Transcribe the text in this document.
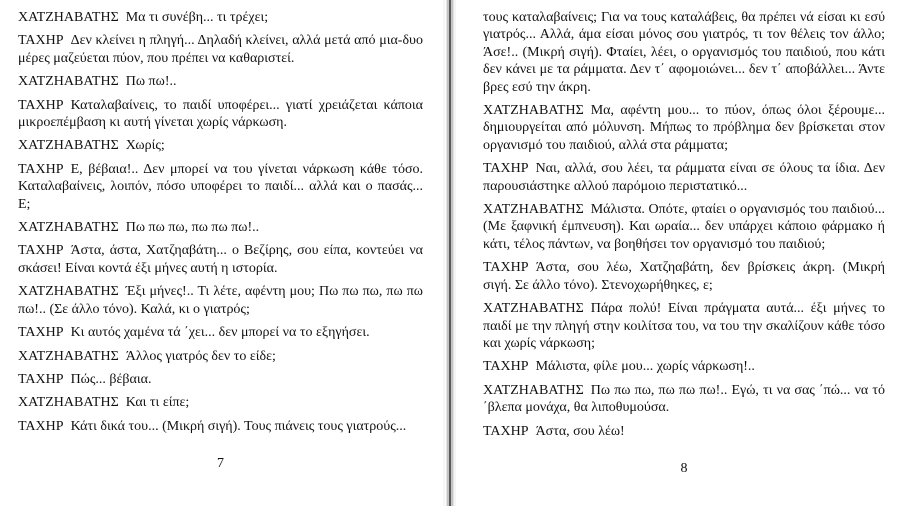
ΧΑΤΖΗΑΒΑΤΗΣ Μα τι συνέβη... τι τρέχει;

ΤΑΧΗΡ Δεν κλείνει η πληγή... Δηλαδή κλείνει, αλλά μετά από μια-δυο μέρες μαζεύεται πύον, που πρέπει να καθαριστεί.

ΧΑΤΖΗΑΒΑΤΗΣ Πω πω!..

ΤΑΧΗΡ Καταλαβαίνεις, το παιδί υποφέρει... γιατί χρειάζεται κάποια μικροεπέμβαση κι αυτή γίνεται χωρίς νάρκωση.

ΧΑΤΖΗΑΒΑΤΗΣ Χωρίς;

ΤΑΧΗΡ Ε, βέβαια!.. Δεν μπορεί να του γίνεται νάρκωση κάθε τόσο. Καταλαβαίνεις, λοιπόν, πόσο υποφέρει το παιδί... αλλά και ο πασάς... Ε;

ΧΑΤΖΗΑΒΑΤΗΣ Πω πω πω, πω πω πω!..

ΤΑΧΗΡ Άστα, άστα, Χατζηαβάτη... ο Βεζίρης, σου είπα, κοντεύει να σκάσει! Είναι κοντά έξι μήνες αυτή η ιστορία.

ΧΑΤΖΗΑΒΑΤΗΣ Έξι μήνες!.. Τι λέτε, αφέντη μου; Πω πω πω, πω πω πω!.. (Σε άλλο τόνο). Καλά, κι ο γιατρός;

ΤΑΧΗΡ Κι αυτός χαμένα τά ΄χει... δεν μπορεί να το εξηγήσει.

ΧΑΤΖΗΑΒΑΤΗΣ Άλλος γιατρός δεν το είδε;

ΤΑΧΗΡ Πώς... βέβαια.

ΧΑΤΖΗΑΒΑΤΗΣ Και τι είπε;

ΤΑΧΗΡ Κάτι δικά του... (Μικρή σιγή). Τους πιάνεις τους γιατρούς...

7

τους καταλαβαίνεις; Για να τους καταλάβεις, θα πρέπει νά είσαι κι εσύ γιατρός... Αλλά, άμα είσαι μόνος σου γιατρός, τι τον θέλεις τον άλλο; Άσε!.. (Μικρή σιγή). Φταίει, λέει, ο οργανισμός του παιδιού, που κάτι δεν κάνει με τα ράμματα. Δεν τ΄ αφομοιώνει... δεν τ΄ αποβάλλει... Άντε βρες εσύ την άκρη.

ΧΑΤΖΗΑΒΑΤΗΣ Μα, αφέντη μου... το πύον, όπως όλοι ξέρουμε... δημιουργείται από μόλυνση. Μήπως το πρόβλημα δεν βρίσκεται στον οργανισμό του παιδιού, αλλά στα ράμματα;

ΤΑΧΗΡ Ναι, αλλά, σου λέει, τα ράμματα είναι σε όλους τα ίδια. Δεν παρουσιάστηκε αλλού παρόμοιο περιστατικό...

ΧΑΤΖΗΑΒΑΤΗΣ Μάλιστα. Οπότε, φταίει ο οργανισμός του παιδιού... (Με ξαφνική έμπνευση). Και ωραία... δεν υπάρχει κάποιο φάρμακο ή κάτι, τέλος πάντων, να βοηθήσει τον οργανισμό του παιδιού;

ΤΑΧΗΡ Άστα, σου λέω, Χατζηαβάτη, δεν βρίσκεις άκρη. (Μικρή σιγή. Σε άλλο τόνο). Στενοχωρήθηκες, ε;

ΧΑΤΖΗΑΒΑΤΗΣ Πάρα πολύ! Είναι πράγματα αυτά... έξι μήνες το παιδί με την πληγή στην κοιλίτσα του, να του την σκαλίζουν κάθε τόσο και χωρίς νάρκωση;

ΤΑΧΗΡ Μάλιστα, φίλε μου... χωρίς νάρκωση!..

ΧΑΤΖΗΑΒΑΤΗΣ Πω πω πω, πω πω πω!.. Εγώ, τι να σας ΄πώ... να τό ΄βλεπα μονάχα, θα λιποθυμούσα.

ΤΑΧΗΡ Άστα, σου λέω!

8
